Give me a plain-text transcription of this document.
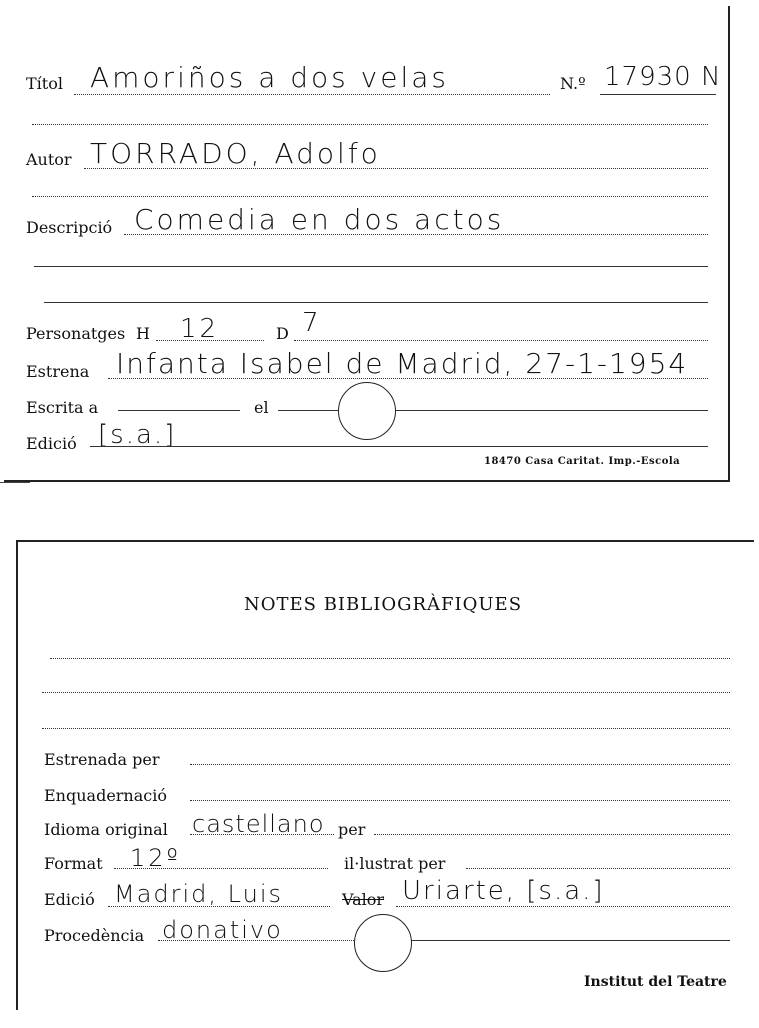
Títol Amoriños a dos velas	N.º 17930 N
Autor TORRADO, Adolfo
Descripció Comedia en dos actos
Personatges H 12	D 7
Estrena Infanta Isabel de Madrid, 27-1-1954
Escrita a	el
Edició [s.a.]
18470 Casa Caritat. Imp.-Escola
NOTES BIBLIOGRÀFIQUES
Estrenada per
Enquadernació
Idioma original castellano per
Format 12º	il·lustrat per
Edició Madrid, Luis	Valor Uriarte, [s.a.]
Procedència donativo
Institut del Teatre
